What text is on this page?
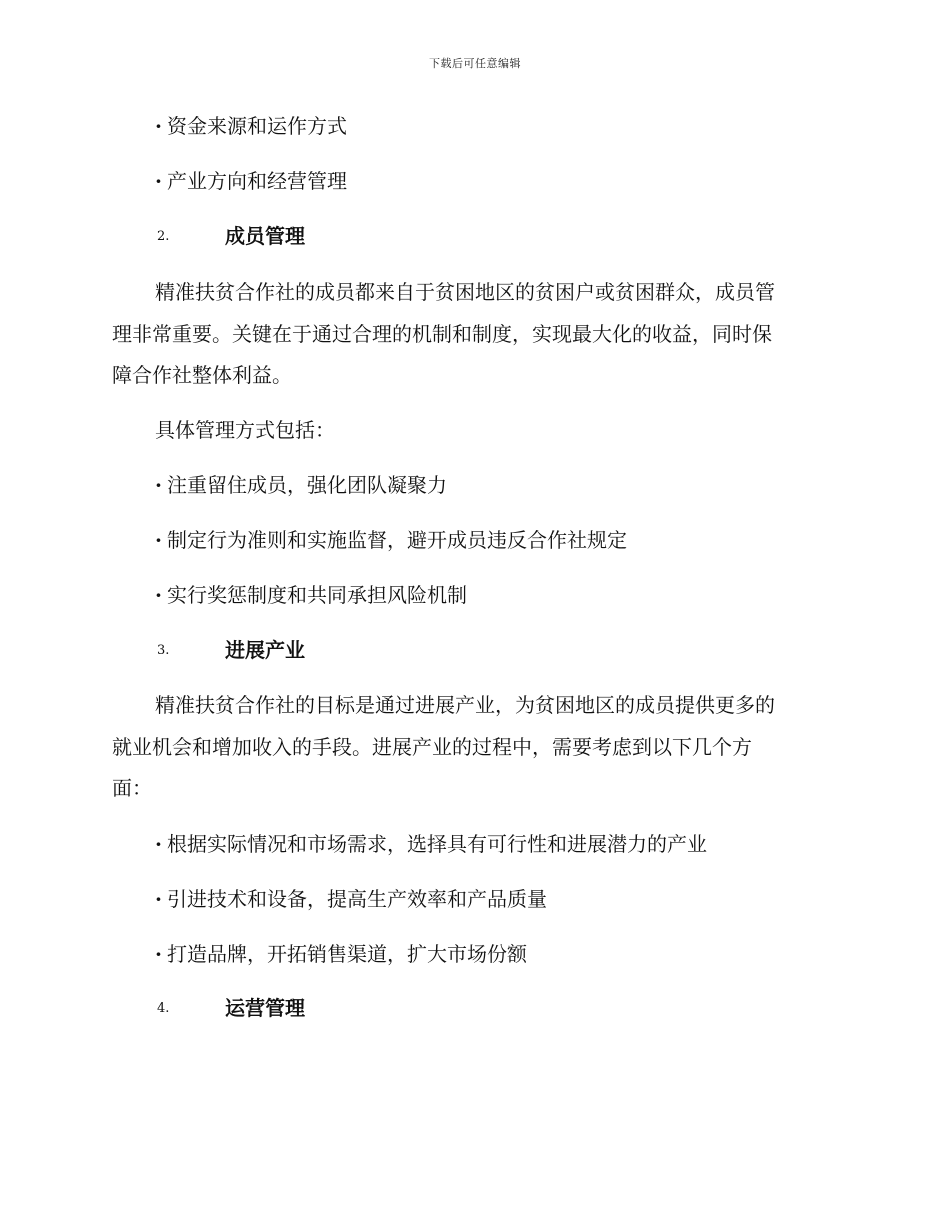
下载后可任意编辑
· 资金来源和运作方式
· 产业方向和经营管理
2.	成员管理
精准扶贫合作社的成员都来自于贫困地区的贫困户或贫困群众，成员管
理非常重要。关键在于通过合理的机制和制度，实现最大化的收益，同时保
障合作社整体利益。
具体管理方式包括：
· 注重留住成员，强化团队凝聚力
· 制定行为准则和实施监督，避开成员违反合作社规定
· 实行奖惩制度和共同承担风险机制
3.	进展产业
精准扶贫合作社的目标是通过进展产业，为贫困地区的成员提供更多的
就业机会和增加收入的手段。进展产业的过程中，需要考虑到以下几个方
面：
· 根据实际情况和市场需求，选择具有可行性和进展潜力的产业
· 引进技术和设备，提高生产效率和产品质量
· 打造品牌，开拓销售渠道，扩大市场份额
4.	运营管理
